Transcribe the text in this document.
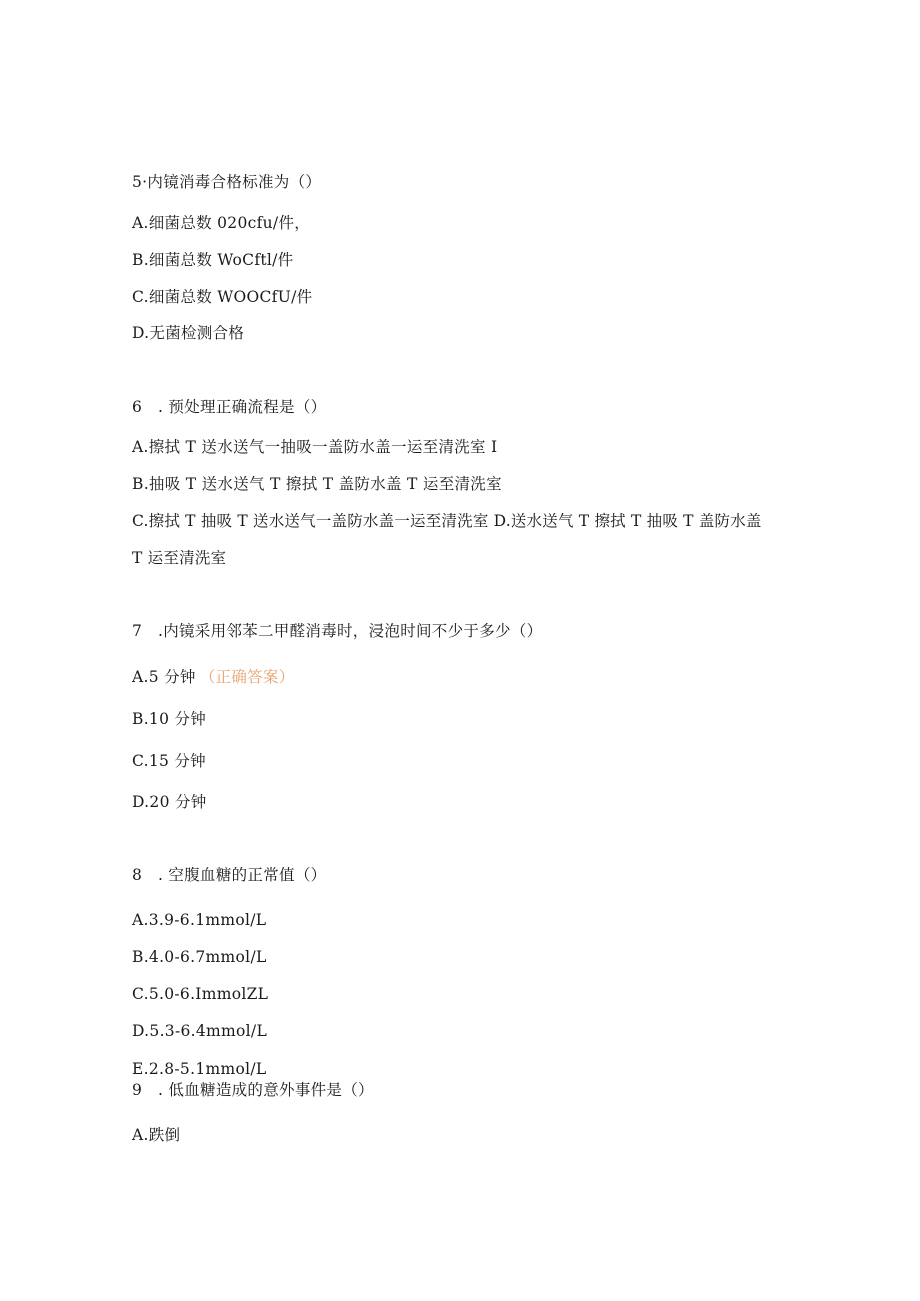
5·内镜消毒合格标准为（）
A.细菌总数 020cfu/件，
B.细菌总数 WoCftl/件
C.细菌总数 WOOCfU/件
D.无菌检测合格
6　. 预处理正确流程是（）
A.擦拭 T 送水送气一抽吸一盖防水盖一运至清洗室 I
B.抽吸 T 送水送气 T 擦拭 T 盖防水盖 T 运至清洗室
C.擦拭 T 抽吸 T 送水送气一盖防水盖一运至清洗室 D.送水送气 T 擦拭 T 抽吸 T 盖防水盖
T 运至清洗室
7　.内镜采用邻苯二甲醛消毒时，浸泡时间不少于多少（）
A.5 分钟 （正确答案）
B.10 分钟
C.15 分钟
D.20 分钟
8　. 空腹血糖的正常值（）
A.3.9-6.1mmol/L
B.4.0-6.7mmol/L
C.5.0-6.ImmolZL
D.5.3-6.4mmol/L
E.2.8-5.1mmol/L
9　. 低血糖造成的意外事件是（）
A.跌倒
